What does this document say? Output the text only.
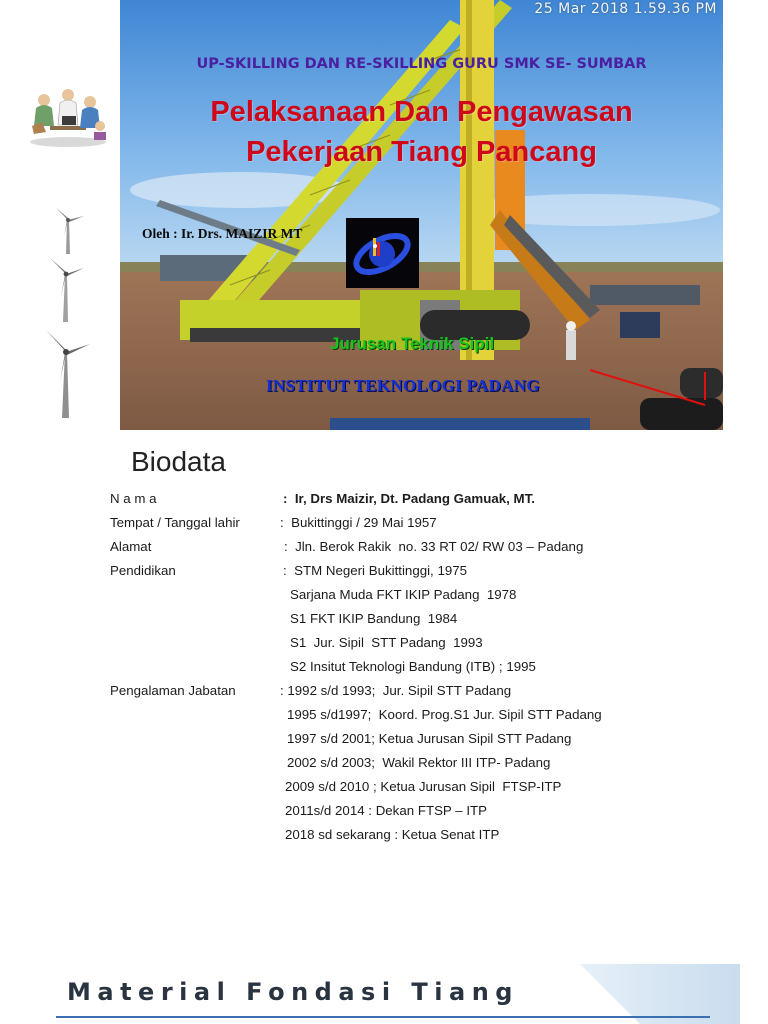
25 Mar 2018 1.59.36 PM
UP-SKILLING DAN RE-SKILLING GURU SMK SE- SUMBAR
Pelaksanaan Dan Pengawasan
Pekerjaan Tiang Pancang
Oleh : Ir. Drs. MAIZIR MT
Jurusan Teknik Sipil
INSTITUT TEKNOLOGI PADANG
Biodata
N a m a	:  Ir, Drs Maizir, Dt. Padang Gamuak, MT.
Tempat / Tanggal lahir	:  Bukittinggi / 29 Mai 1957
Alamat	:  Jln. Berok Rakik  no. 33 RT 02/ RW 03 – Padang
Pendidikan	:  STM Negeri Bukittinggi, 1975
Sarjana Muda FKT IKIP Padang  1978
S1 FKT IKIP Bandung  1984
S1  Jur. Sipil  STT Padang  1993
S2 Insitut Teknologi Bandung (ITB) ; 1995
Pengalaman Jabatan	: 1992 s/d 1993;  Jur. Sipil STT Padang
1995 s/d1997;  Koord. Prog.S1 Jur. Sipil STT Padang
1997 s/d 2001; Ketua Jurusan Sipil STT Padang
2002 s/d 2003;  Wakil Rektor III ITP- Padang
2009 s/d 2010 ; Ketua Jurusan Sipil  FTSP-ITP
2011s/d 2014 : Dekan FTSP – ITP
2018 sd sekarang : Ketua Senat ITP
Material Fondasi Tiang
